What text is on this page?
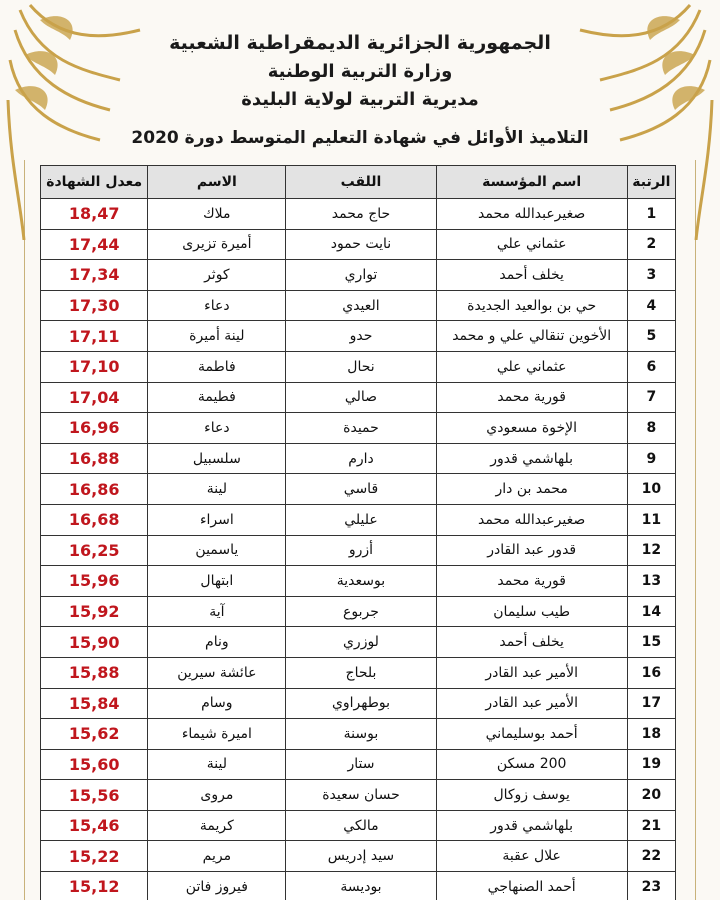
الجمهورية الجزائرية الديمقراطية الشعبية
وزارة التربية الوطنية
مديرية التربية لولاية البليدة
التلاميذ الأوائل في شهادة التعليم المتوسط دورة 2020
الرتبة	اسم المؤسسة	اللقب	الاسم	معدل الشهادة
1	صغيرعبدالله محمد	حاج محمد	ملاك	18,47
2	عثماني علي	نايت حمود	أميرة تزيرى	17,44
3	يخلف أحمد	تواري	كوثر	17,34
4	حي بن بوالعيد الجديدة	العيدي	دعاء	17,30
5	الأخوين تنقالي علي و محمد	حدو	لينة أميرة	17,11
6	عثماني علي	نحال	فاطمة	17,10
7	قورية محمد	صالي	فطيمة	17,04
8	الإخوة مسعودي	حميدة	دعاء	16,96
9	بلهاشمي قدور	دارم	سلسبيل	16,88
10	محمد بن دار	قاسي	لينة	16,86
11	صغيرعبدالله محمد	عليلي	اسراء	16,68
12	قدور عبد القادر	أزرو	ياسمين	16,25
13	قورية محمد	بوسعدية	ابتهال	15,96
14	طيب سليمان	جربوع	آية	15,92
15	يخلف أحمد	لوزري	ونام	15,90
16	الأمير عبد القادر	بلحاج	عائشة سيرين	15,88
17	الأمير عبد القادر	بوطهراوي	وسام	15,84
18	أحمد بوسليماني	بوسنة	اميرة شيماء	15,62
19	200 مسكن	ستار	لينة	15,60
20	يوسف زوكال	حسان سعيدة	مروى	15,56
21	بلهاشمي قدور	مالكي	كريمة	15,46
22	علال عقبة	سيد إدريس	مريم	15,22
23	أحمد الصنهاجي	بوديسة	فيروز فاتن	15,12
